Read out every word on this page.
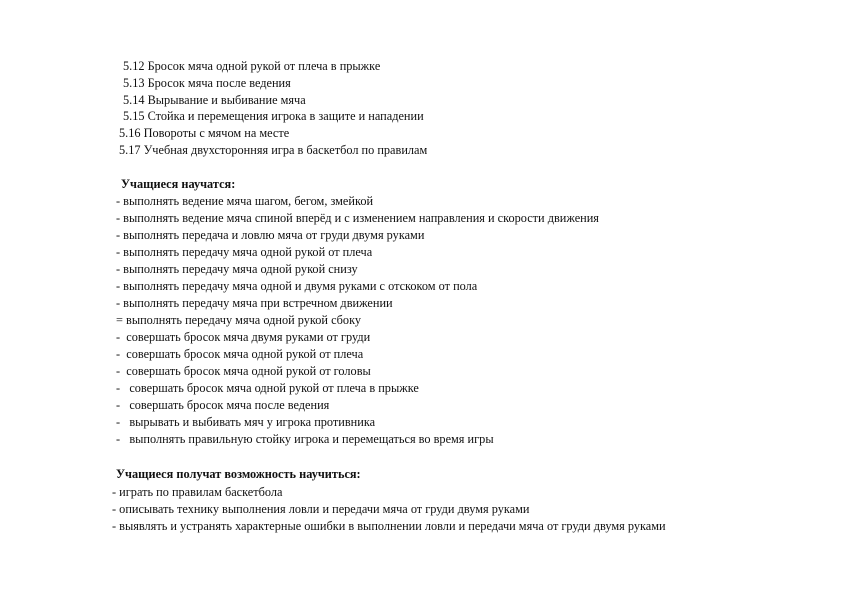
5.12 Бросок мяча одной рукой от плеча в прыжке

5.13 Бросок мяча после ведения

5.14 Вырывание и выбивание мяча

5.15 Стойка и перемещения игрока в защите и нападении

5.16 Повороты с мячом на месте

5.17 Учебная двухсторонняя игра в баскетбол по правилам

Учащиеся научатся:

- выполнять ведение мяча шагом, бегом, змейкой

- выполнять ведение мяча спиной вперёд и с изменением направления и скорости движения

- выполнять передача и ловлю мяча от груди двумя руками

- выполнять передачу мяча одной рукой от плеча

- выполнять передачу мяча одной рукой снизу

- выполнять передачу мяча одной и двумя руками с отскоком от пола

- выполнять передачу мяча при встречном движении

= выполнять передачу мяча одной рукой сбоку

-  совершать бросок мяча двумя руками от груди

-  совершать бросок мяча одной рукой от плеча

-  совершать бросок мяча одной рукой от головы

-   совершать бросок мяча одной рукой от плеча в прыжке

-   совершать бросок мяча после ведения

-   вырывать и выбивать мяч у игрока противника

-   выполнять правильную стойку игрока и перемещаться во время игры

Учащиеся получат возможность научиться:

- играть по правилам баскетбола

- описывать технику выполнения ловли и передачи мяча от груди двумя руками

- выявлять и устранять характерные ошибки в выполнении ловли и передачи мяча от груди двумя руками
